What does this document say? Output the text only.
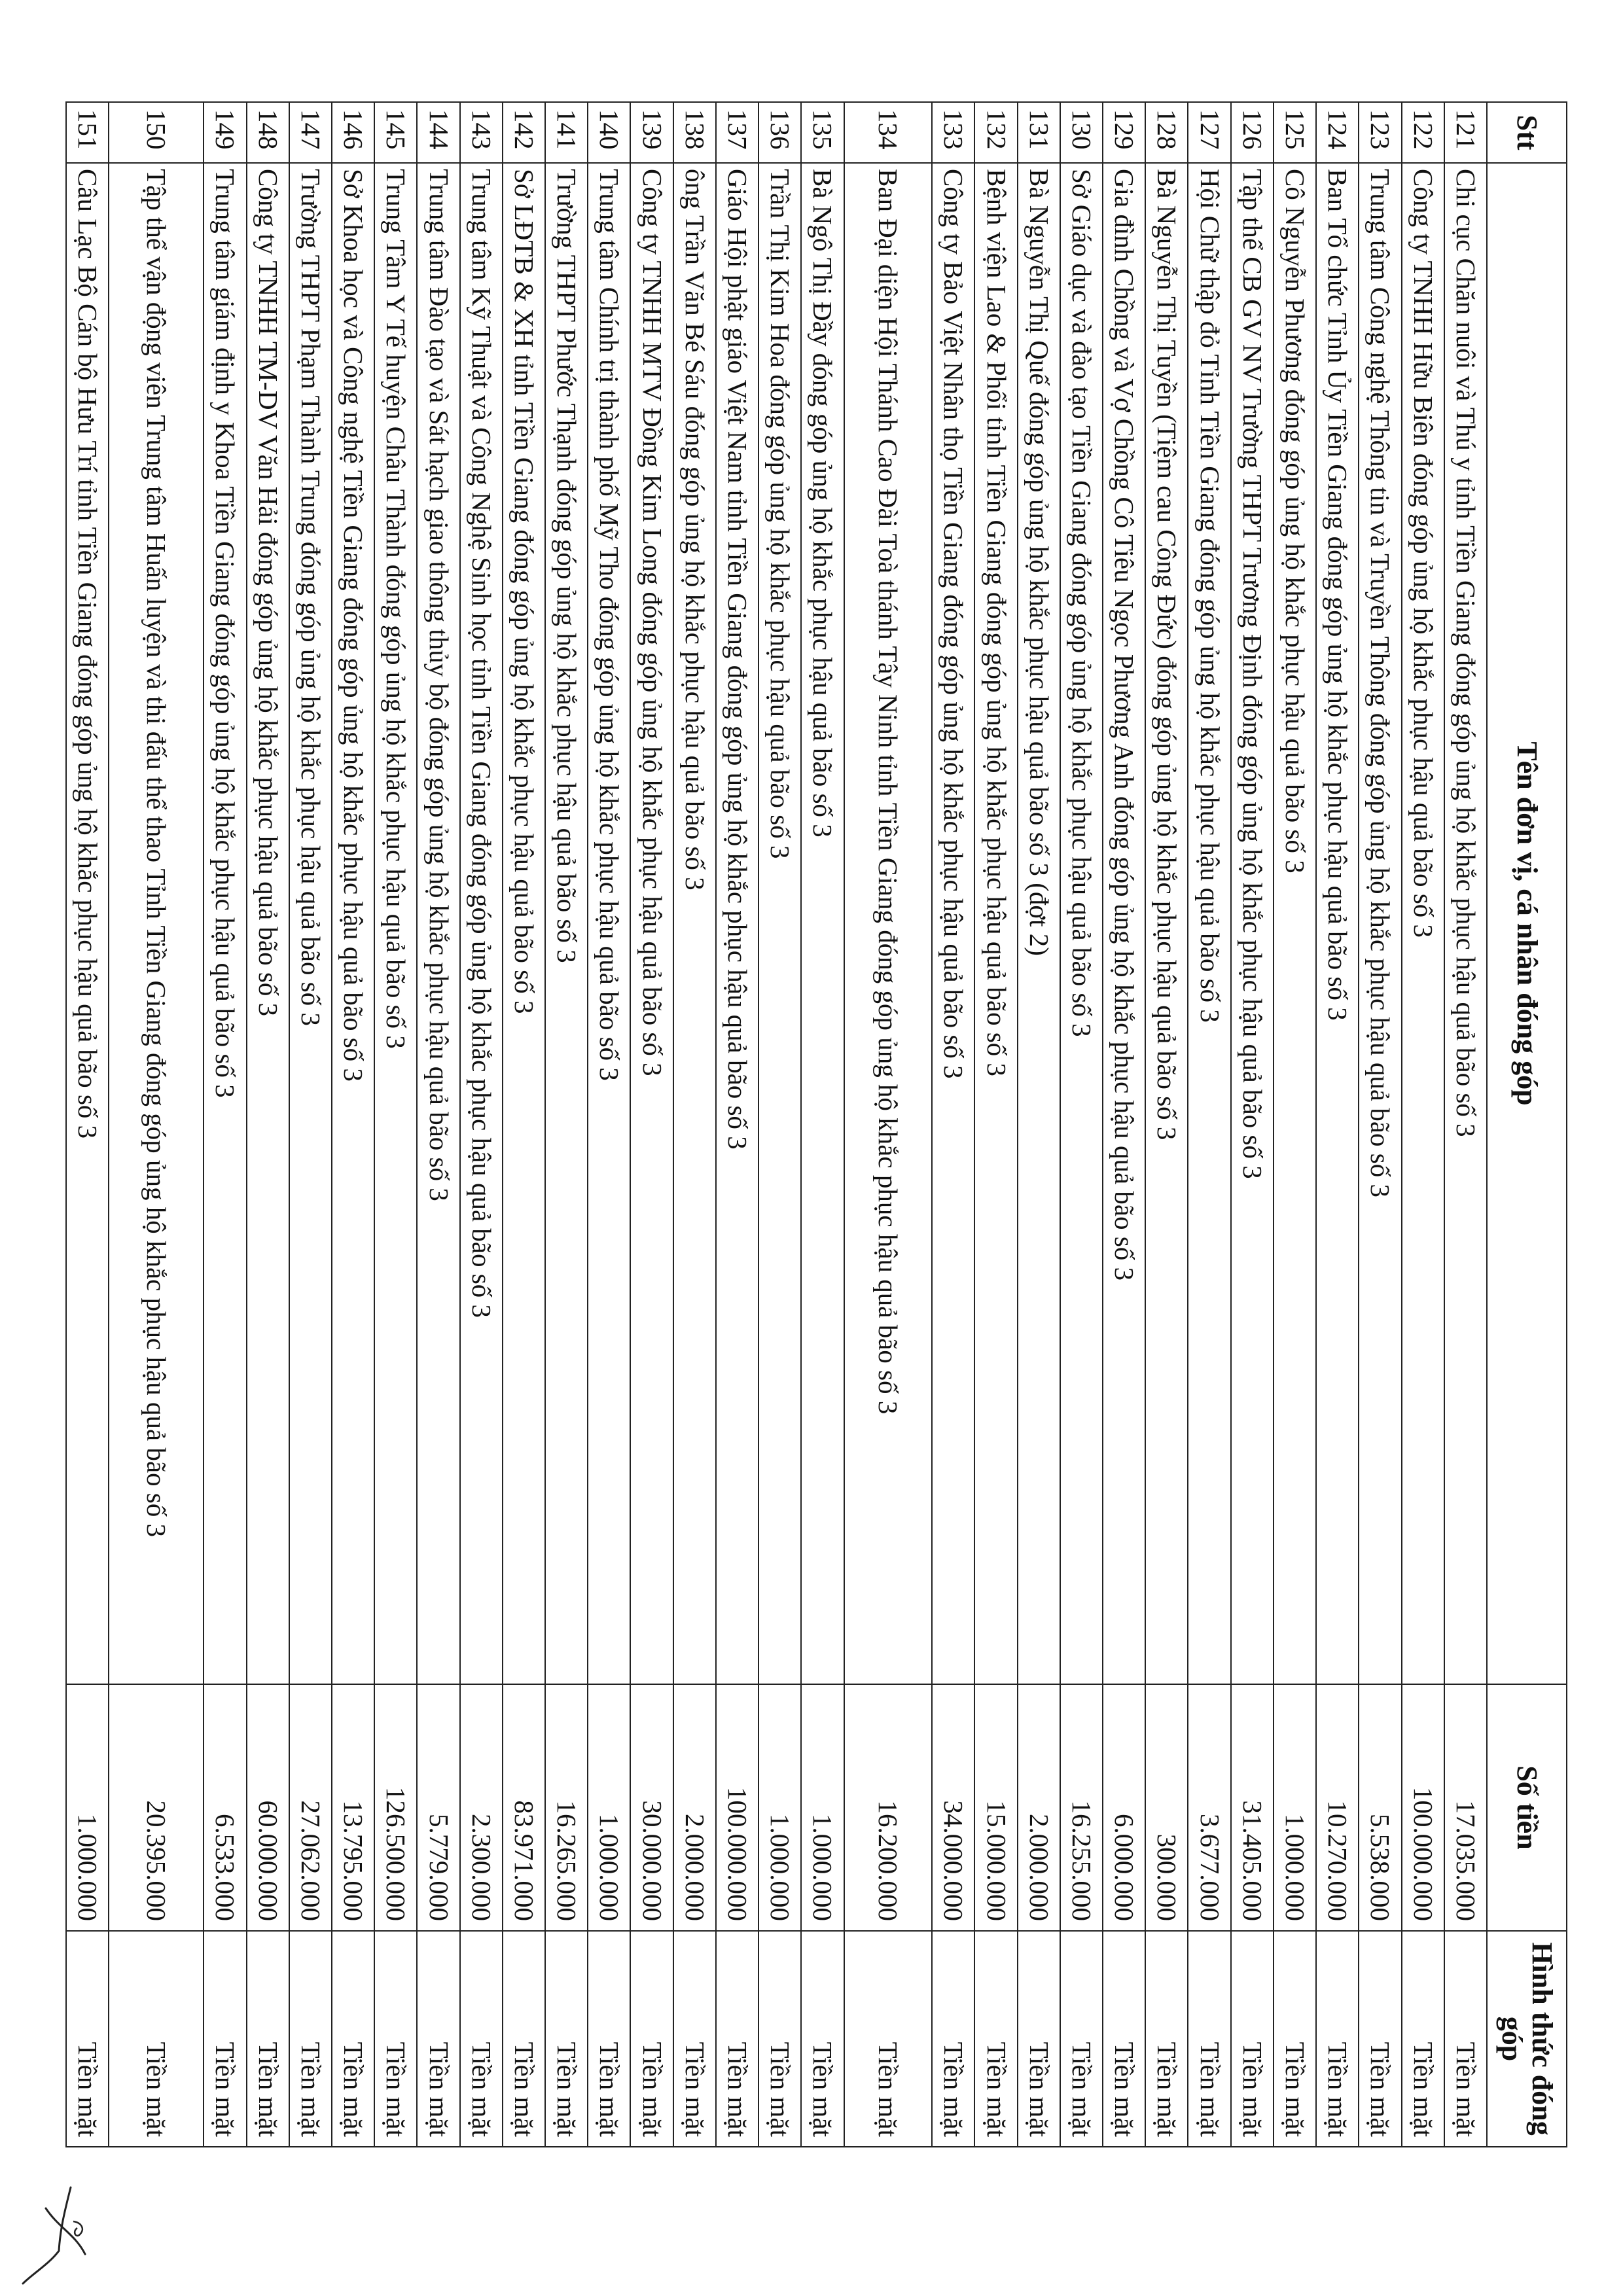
Stt	Tên đơn vị, cá nhân đóng góp	Số tiền	Hình thức đóng góp
121	Chi cục Chăn nuôi và Thú y tỉnh Tiền Giang đóng góp ủng hộ khắc phục hậu quả bão số 3	17.035.000	Tiền mặt
122	Công ty TNHH Hữu Biên đóng góp ủng hộ khắc phục hậu quả bão số 3	100.000.000	Tiền mặt
123	Trung tâm Công nghệ Thông tin và Truyền Thông đóng góp ủng hộ khắc phục hậu quả bão số 3	5.538.000	Tiền mặt
124	Ban Tổ chức Tỉnh Ủy Tiền Giang đóng góp ủng hộ khắc phục hậu quả bão số 3	10.270.000	Tiền mặt
125	Cô Nguyễn Phương đóng góp ủng hộ khắc phục hậu quả bão số 3	1.000.000	Tiền mặt
126	Tập thể CB GV NV Trường THPT Trương Định đóng góp ủng hộ khắc phục hậu quả bão số 3	31.405.000	Tiền mặt
127	Hội Chữ thập đỏ Tỉnh Tiền Giang đóng góp ủng hộ khắc phục hậu quả bão số 3	3.677.000	Tiền mặt
128	Bà Nguyễn Thị Tuyền (Tiệm cau Công Đức) đóng góp ủng hộ khắc phục hậu quả bão số 3	300.000	Tiền mặt
129	Gia đình Chồng và Vợ Chồng Cô Tiêu Ngọc Phương Anh đóng góp ủng hộ khắc phục hậu quả bão số 3	6.000.000	Tiền mặt
130	Sở Giáo dục và đào tạo Tiền Giang đóng góp ủng hộ khắc phục hậu quả bão số 3	16.255.000	Tiền mặt
131	Bà Nguyễn Thị Quế đóng góp ủng hộ khắc phục hậu quả bão số 3 (đợt 2)	2.000.000	Tiền mặt
132	Bệnh viện Lao & Phổi tỉnh Tiền Giang đóng góp ủng hộ khắc phục hậu quả bão số 3	15.000.000	Tiền mặt
133	Công ty Bảo Việt Nhân thọ Tiền Giang đóng góp ủng hộ khắc phục hậu quả bão số 3	34.000.000	Tiền mặt
134	Ban Đại diện Hội Thánh Cao Đài Toà thánh Tây Ninh tỉnh Tiền Giang đóng góp ủng hộ khắc phục hậu quả bão số 3	16.200.000	Tiền mặt
135	Bà Ngô Thị Đầy đóng góp ủng hộ khắc phục hậu quả bão số 3	1.000.000	Tiền mặt
136	Trần Thị Kim Hoa đóng góp ủng hộ khắc phục hậu quả bão số 3	1.000.000	Tiền mặt
137	Giáo Hội phật giáo Việt Nam tỉnh Tiền Giang đóng góp ủng hộ khắc phục hậu quả bão số 3	100.000.000	Tiền mặt
138	ông Trần Văn Bé Sáu đóng góp ủng hộ khắc phục hậu quả bão số 3	2.000.000	Tiền mặt
139	Công ty TNHH MTV Đồng Kim Long đóng góp ủng hộ khắc phục hậu quả bão số 3	30.000.000	Tiền mặt
140	Trung tâm Chính trị thành phố Mỹ Tho đóng góp ủng hộ khắc phục hậu quả bão số 3	1.000.000	Tiền mặt
141	Trường THPT Phước Thạnh đóng góp ủng hộ khắc phục hậu quả bão số 3	16.265.000	Tiền mặt
142	Sở LĐTB & XH tỉnh Tiền Giang đóng góp ủng hộ khắc phục hậu quả bão số 3	83.971.000	Tiền mặt
143	Trung tâm Kỹ Thuật và Công Nghệ Sinh học tỉnh Tiền Giang đóng góp ủng hộ khắc phục hậu quả bão số 3	2.300.000	Tiền mặt
144	Trung tâm Đào tạo và Sát hạch giao thông thủy bộ đóng góp ủng hộ khắc phục hậu quả bão số 3	5.779.000	Tiền mặt
145	Trung Tâm Y Tế huyện Châu Thành đóng góp ủng hộ khắc phục hậu quả bão số 3	126.500.000	Tiền mặt
146	Sở Khoa học và Công nghệ Tiền Giang đóng góp ủng hộ khắc phục hậu quả bão số 3	13.795.000	Tiền mặt
147	Trường THPT Phạm Thành Trung đóng góp ủng hộ khắc phục hậu quả bão số 3	27.062.000	Tiền mặt
148	Công ty TNHH TM-DV Văn Hải đóng góp ủng hộ khắc phục hậu quả bão số 3	60.000.000	Tiền mặt
149	Trung tâm giám định y Khoa Tiền Giang đóng góp ủng hộ khắc phục hậu quả bão số 3	6.533.000	Tiền mặt
150	Tập thể vận động viên Trung tâm Huấn luyện và thi đấu thể thao Tỉnh Tiền Giang đóng góp ủng hộ khắc phục hậu quả bão số 3	20.395.000	Tiền mặt
151	Câu Lạc Bộ Cán bộ Hưu Trí tỉnh Tiền Giang đóng góp ủng hộ khắc phục hậu quả bão số 3	1.000.000	Tiền mặt
